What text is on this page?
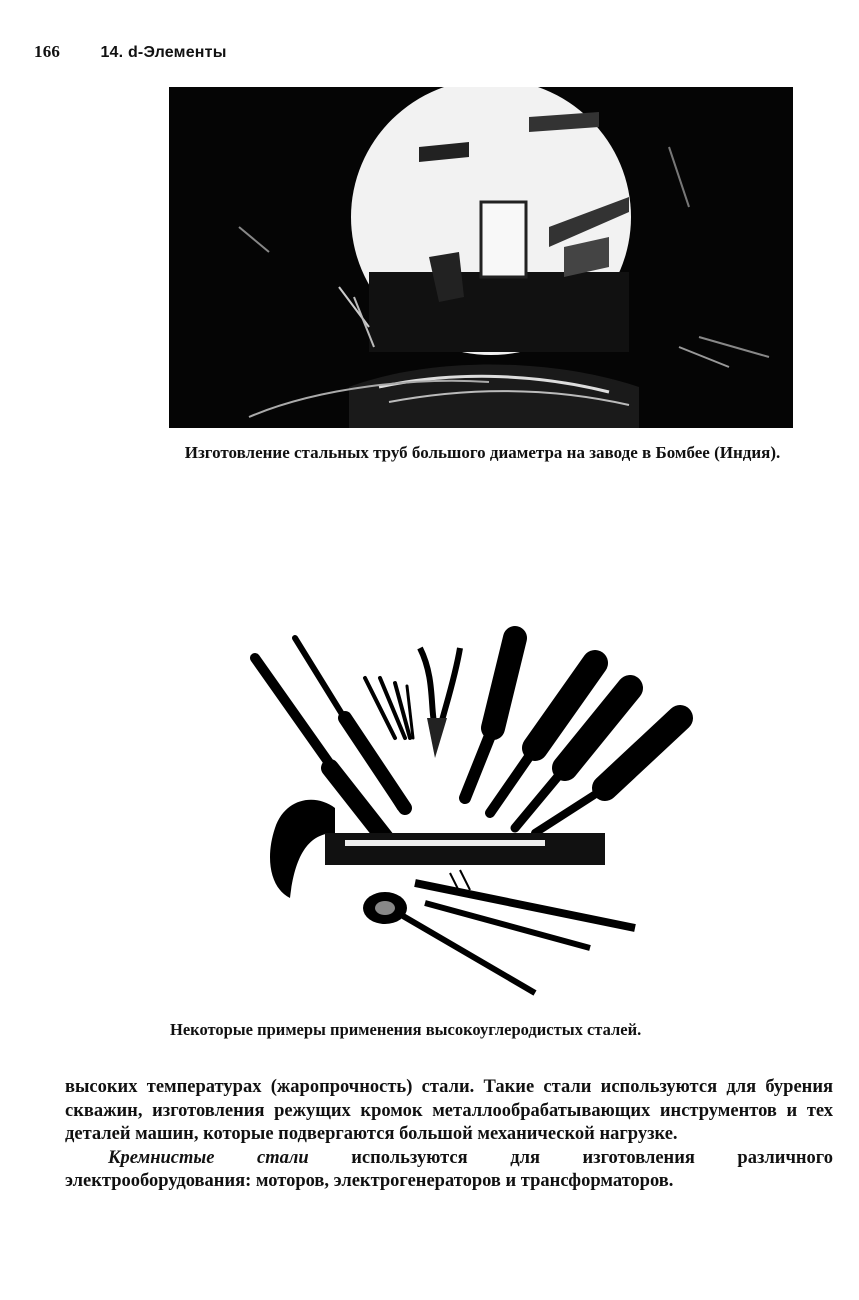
166	14. d-Элементы
Изготовление стальных труб большого диаметра на заводе в Бомбее (Индия).
Некоторые примеры применения высокоуглеродистых сталей.

высоких температурах (жаропрочность) стали. Такие стали используются для бурения скважин, изготовления режущих кромок металлообрабатывающих инструментов и тех деталей машин, которые подвергаются большой механической нагрузке.

Кремнистые стали используются для изготовления различного электрооборудования: моторов, электрогенераторов и трансформаторов.
